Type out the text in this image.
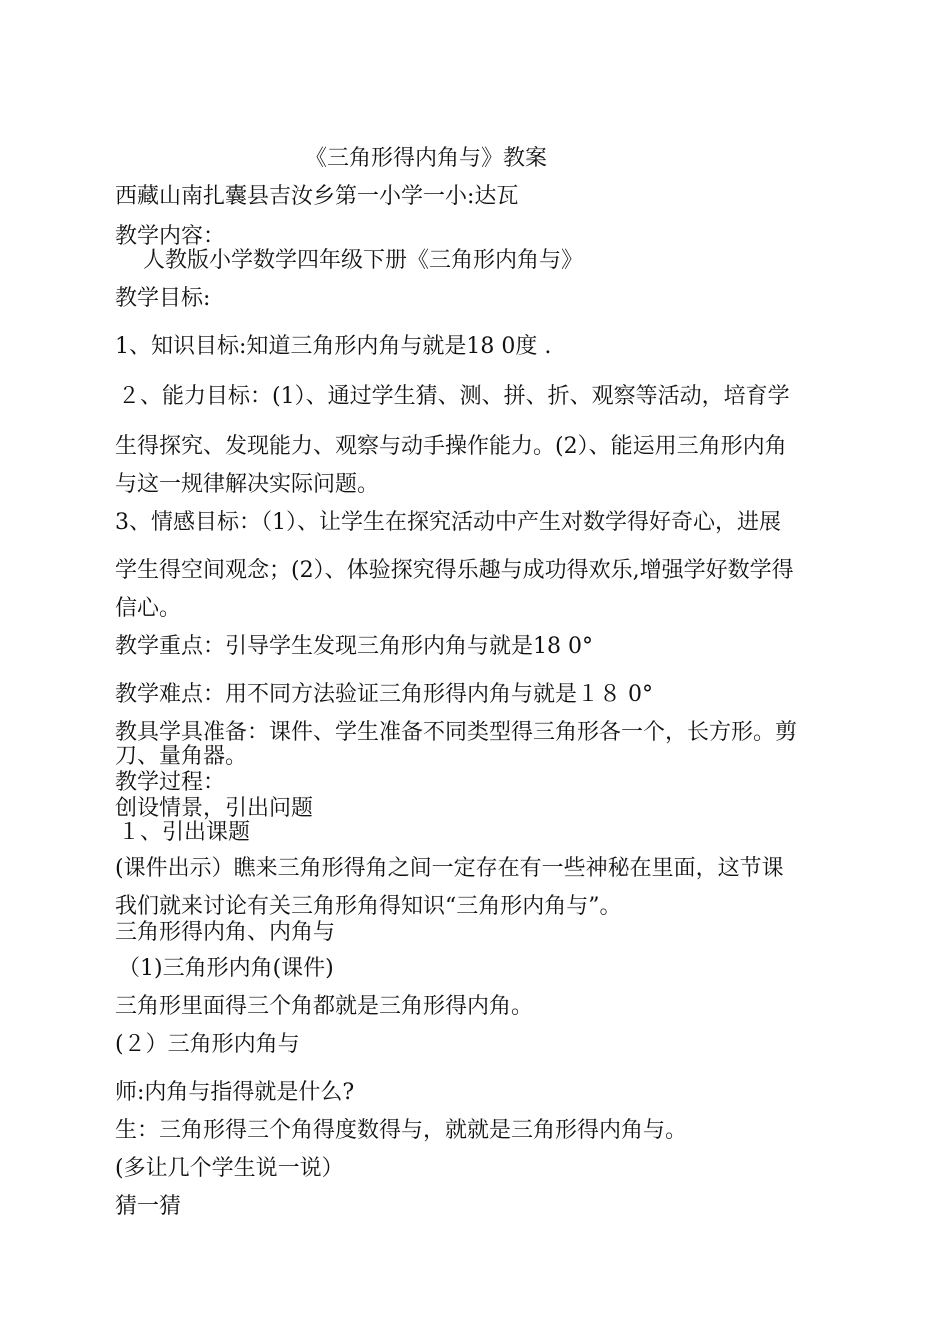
《三角形得内角与》教案
西藏山南扎囊县吉汝乡第一小学一小:达瓦
教学内容：
人教版小学数学四年级下册《三角形内角与》
教学目标:
1、知识目标:知道三角形内角与就是18 0度 .
２、能力目标：(1）、通过学生猜、测、拼、折、观察等活动，培育学
生得探究、发现能力、观察与动手操作能力。(2）、能运用三角形内角
与这一规律解决实际问题。
3、情感目标：（1）、让学生在探究活动中产生对数学得好奇心，进展
学生得空间观念；(2）、体验探究得乐趣与成功得欢乐,增强学好数学得
信心。
教学重点：引导学生发现三角形内角与就是18 0°
教学难点：用不同方法验证三角形得内角与就是１８ 0°
教具学具准备：课件、学生准备不同类型得三角形各一个，长方形。剪
刀、量角器。
教学过程：
创设情景，引出问题
１、引出课题
(课件出示）瞧来三角形得角之间一定存在有一些神秘在里面，这节课
我们就来讨论有关三角形角得知识“三角形内角与”。
三角形得内角、内角与
（1)三角形内角(课件)
三角形里面得三个角都就是三角形得内角。
(２）三角形内角与
师:内角与指得就是什么?
生：三角形得三个角得度数得与，就就是三角形得内角与。
(多让几个学生说一说）
猜一猜
